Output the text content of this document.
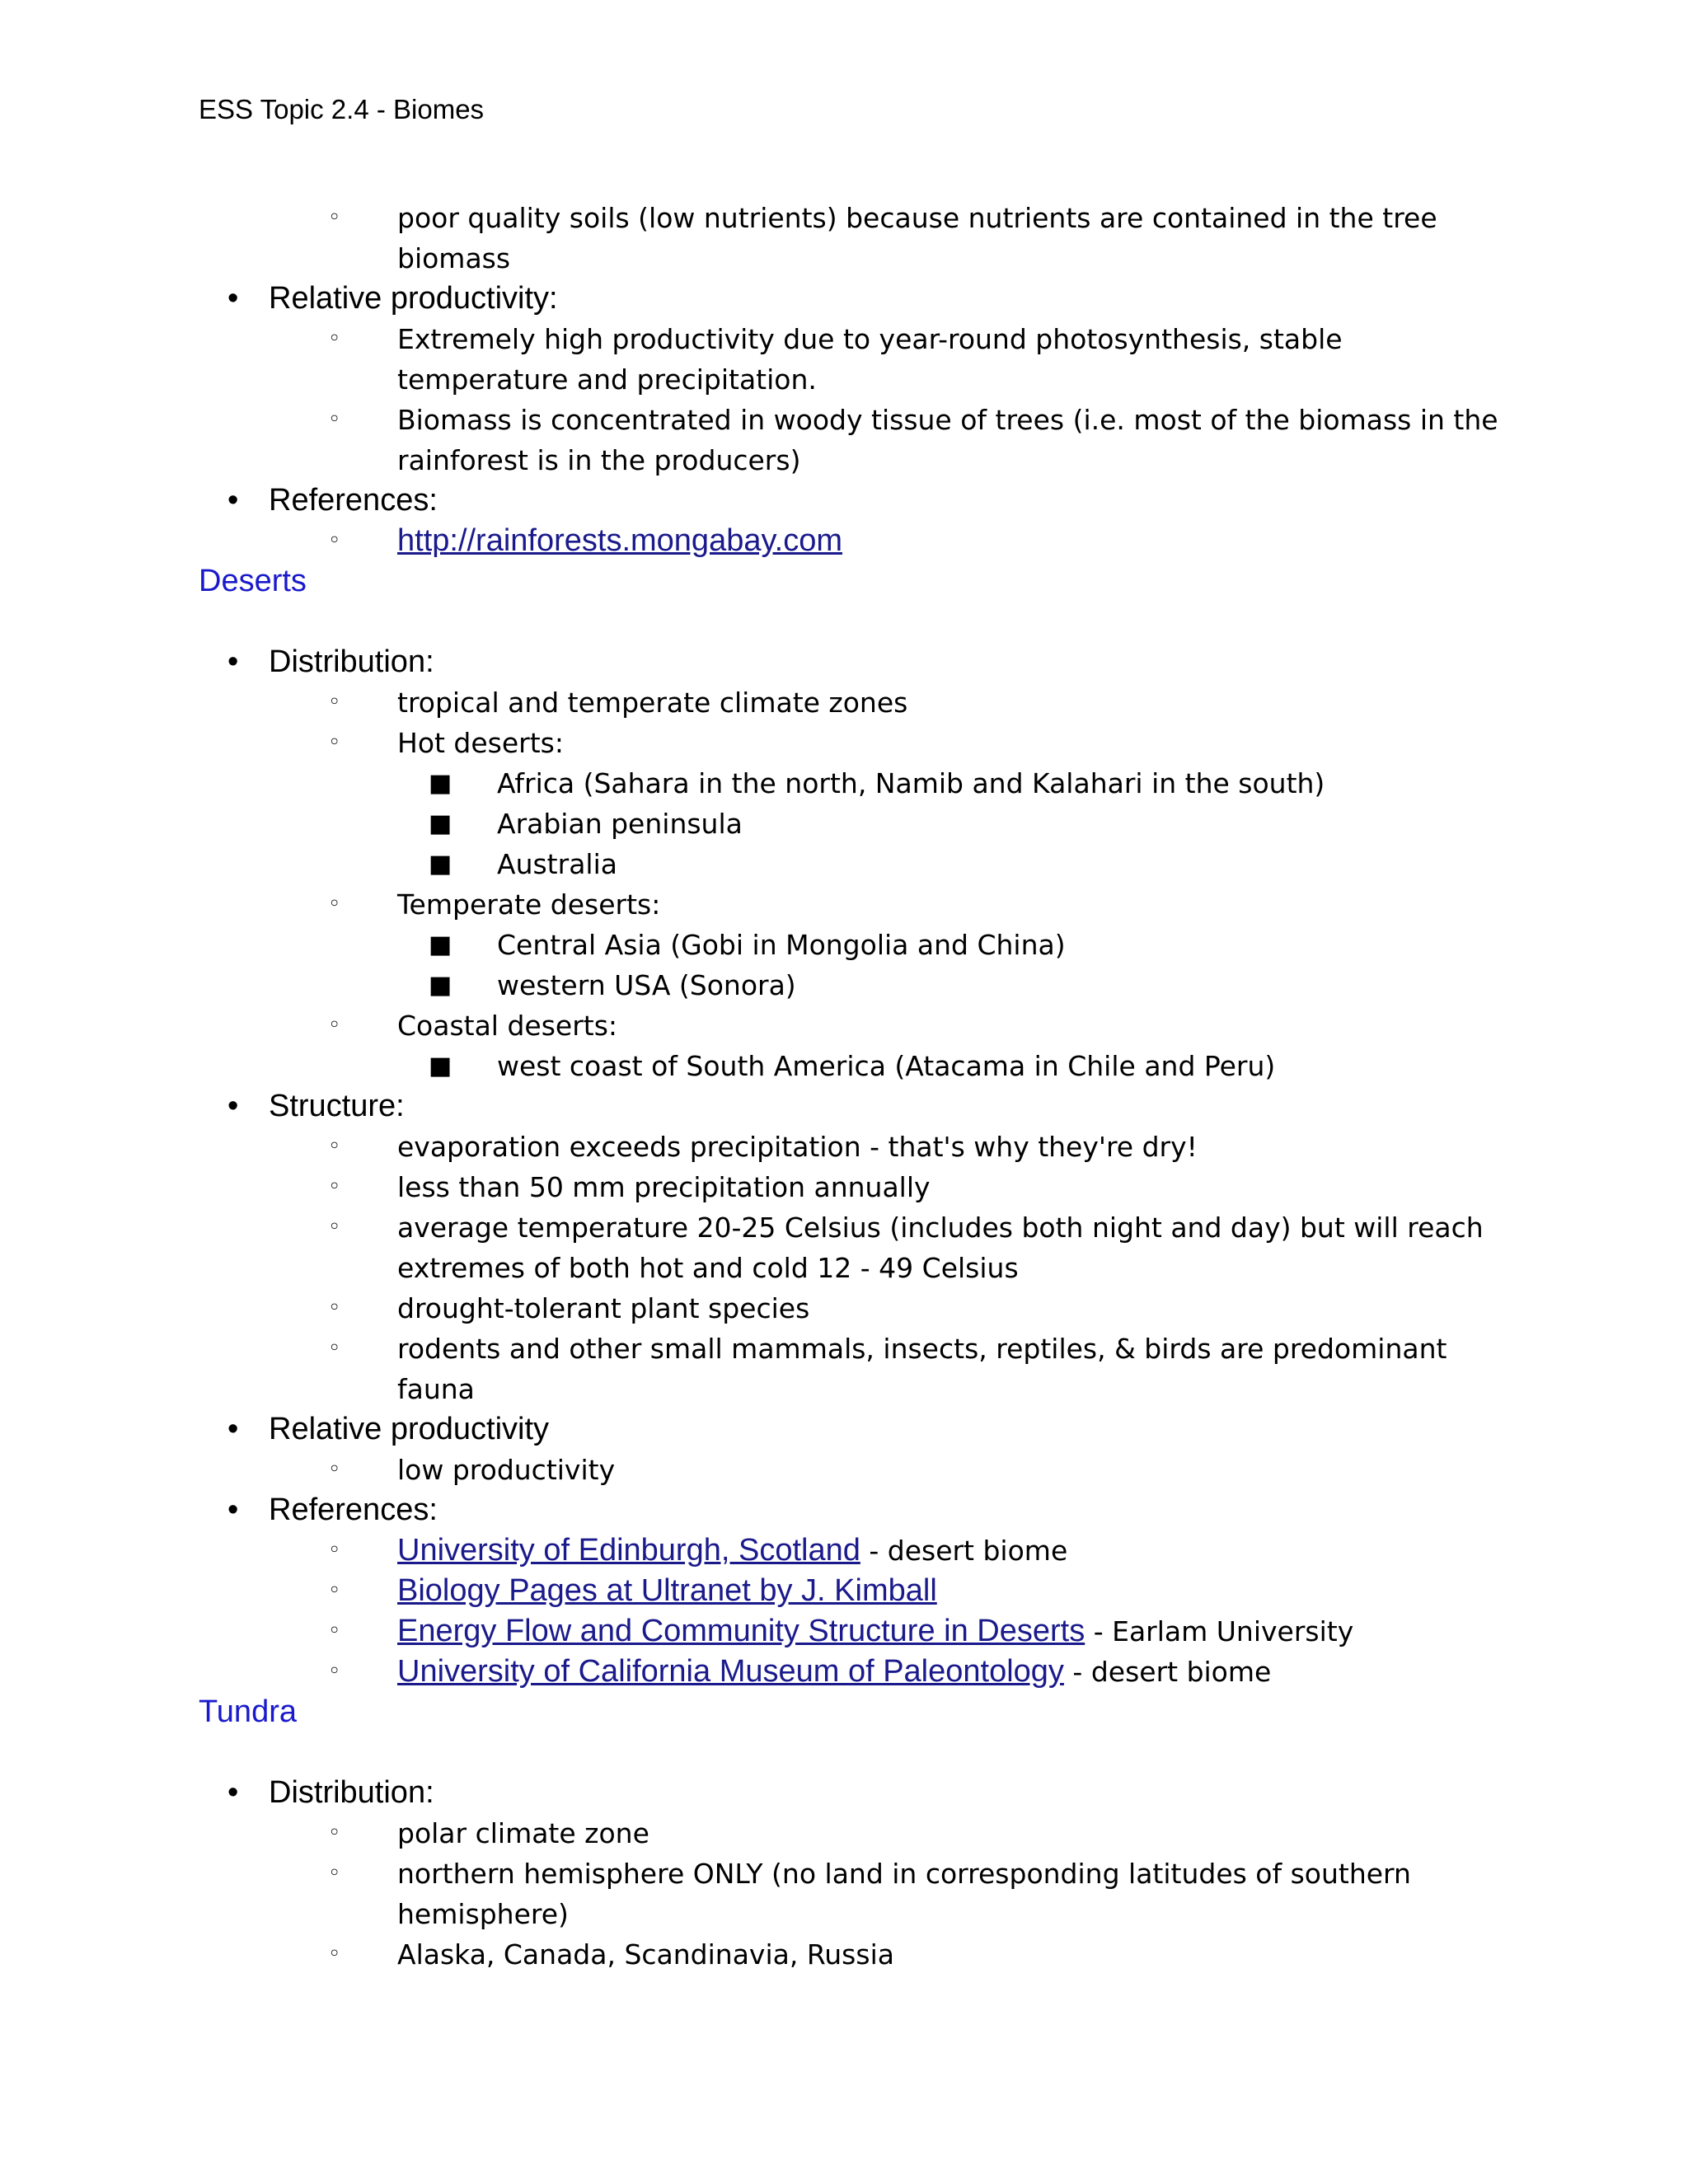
ESS Topic 2.4 - Biomes
◦ poor quality soils (low nutrients) because nutrients are contained in the tree biomass
• Relative productivity:
◦ Extremely high productivity due to year-round photosynthesis, stable temperature and precipitation.
◦ Biomass is concentrated in woody tissue of trees (i.e. most of the biomass in the rainforest is in the producers)
• References:
◦ http://rainforests.mongabay.com
Deserts
• Distribution:
◦ tropical and temperate climate zones
◦ Hot deserts:
■ Africa (Sahara in the north, Namib and Kalahari in the south)
■ Arabian peninsula
■ Australia
◦ Temperate deserts:
■ Central Asia (Gobi in Mongolia and China)
■ western USA (Sonora)
◦ Coastal deserts:
■ west coast of South America (Atacama in Chile and Peru)
• Structure:
◦ evaporation exceeds precipitation - that's why they're dry!
◦ less than 50 mm precipitation annually
◦ average temperature 20-25 Celsius (includes both night and day) but will reach extremes of both hot and cold 12 - 49 Celsius
◦ drought-tolerant plant species
◦ rodents and other small mammals, insects, reptiles, & birds are predominant fauna
• Relative productivity
◦ low productivity
• References:
◦ University of Edinburgh, Scotland - desert biome
◦ Biology Pages at Ultranet by J. Kimball
◦ Energy Flow and Community Structure in Deserts - Earlam University
◦ University of California Museum of Paleontology - desert biome
Tundra
• Distribution:
◦ polar climate zone
◦ northern hemisphere ONLY (no land in corresponding latitudes of southern hemisphere)
◦ Alaska, Canada, Scandinavia, Russia
